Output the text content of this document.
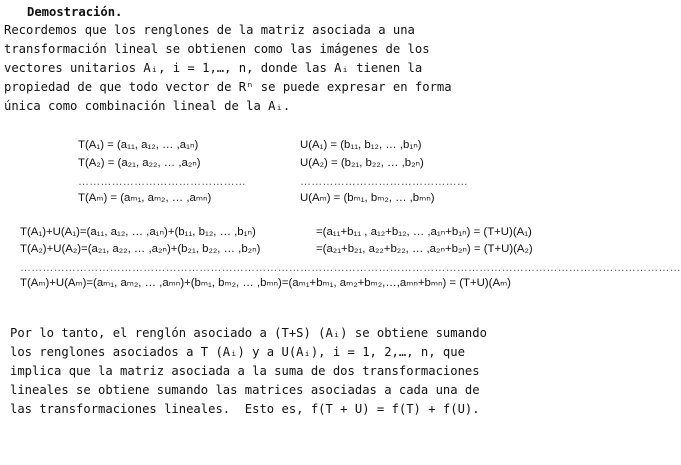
Demostración.
Recordemos que los renglones de la matriz asociada a una
transformación lineal se obtienen como las imágenes de los
vectores unitarios Aᵢ, i = 1,…, n, donde las Aᵢ tienen la
propiedad de que todo vector de Rⁿ se puede expresar en forma
única como combinación lineal de la Aᵢ.
T(A₁) = (a₁₁, a₁₂, … ,a₁ₙ)
T(A₂) = (a₂₁, a₂₂, … ,a₂ₙ)
………………………………………
T(Aₘ) = (aₘ₁, aₘ₂, … ,aₘₙ)
U(A₁) = (b₁₁, b₁₂, … ,b₁ₙ)
U(A₂) = (b₂₁, b₂₂, … ,b₂ₙ)
………………………………………
U(Aₘ) = (bₘ₁, bₘ₂, … ,bₘₙ)
T(A₁)+U(A₁)=(a₁₁, a₁₂, … ,a₁ₙ)+(b₁₁, b₁₂, … ,b₁ₙ)	=(a₁₁+b₁₁ , a₁₂+b₁₂, … ,a₁ₙ+b₁ₙ) = (T+U)(A₁)
T(A₂)+U(A₂)=(a₂₁, a₂₂, … ,a₂ₙ)+(b₂₁, b₂₂, … ,b₂ₙ)	=(a₂₁+b₂₁, a₂₂+b₂₂, … ,a₂ₙ+b₂ₙ) = (T+U)(A₂)
……………………………………………………………………………………………………………………………………………………………
T(Aₘ)+U(Aₘ)=(aₘ₁, aₘ₂, … ,aₘₙ)+(bₘ₁, bₘ₂, … ,bₘₙ)=(aₘ₁+bₘ₁, aₘ₂+bₘ₂,…,aₘₙ+bₘₙ) = (T+U)(Aₘ)
Por lo tanto, el renglón asociado a (T+S) (Aᵢ) se obtiene sumando
los renglones asociados a T (Aᵢ) y a U(Aᵢ), i = 1, 2,…, n, que
implica que la matriz asociada a la suma de dos transformaciones
lineales se obtiene sumando las matrices asociadas a cada una de
las transformaciones lineales.  Esto es, f(T + U) = f(T) + f(U).
